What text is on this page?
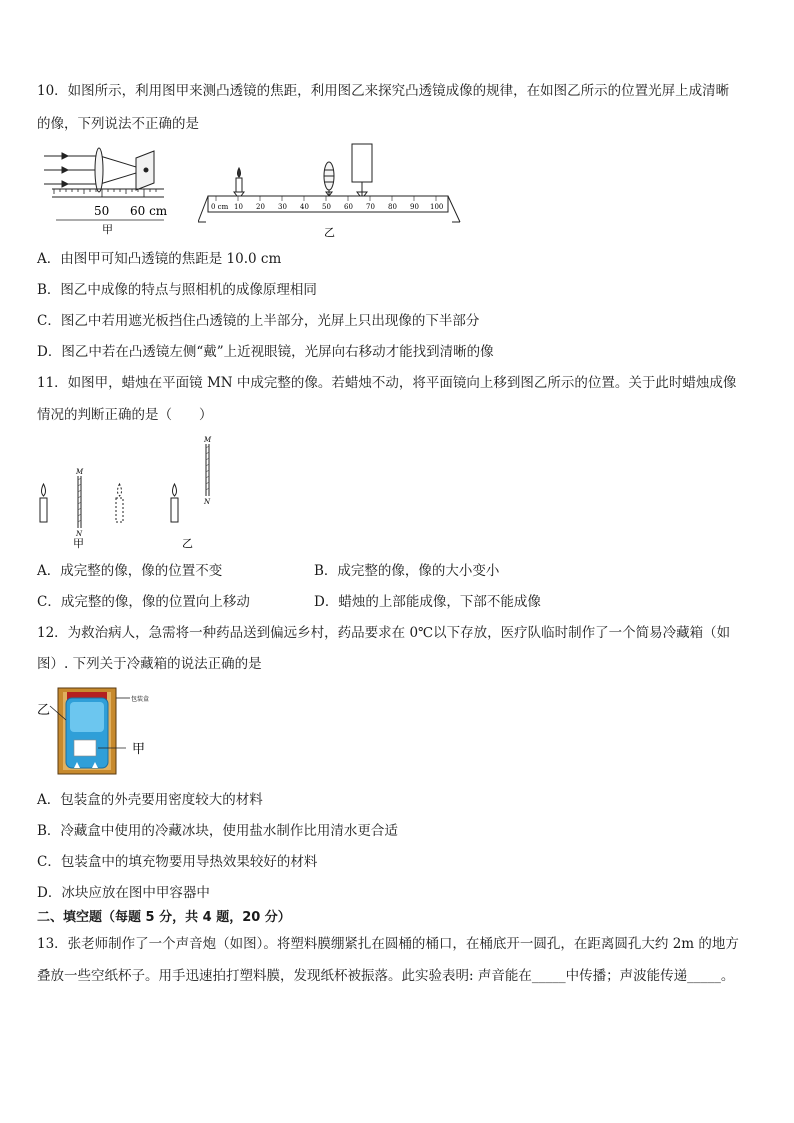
10．如图所示，利用图甲来测凸透镜的焦距，利用图乙来探究凸透镜成像的规律，在如图乙所示的位置光屏上成清晰
的像，下列说法不正确的是
50 60 cm
甲
0 cm 10 20 30 40 50 60 70 80 90 100
乙
A．由图甲可知凸透镜的焦距是 10.0 cm
B．图乙中成像的特点与照相机的成像原理相同
C．图乙中若用遮光板挡住凸透镜的上半部分，光屏上只出现像的下半部分
D．图乙中若在凸透镜左侧“戴”上近视眼镜，光屏向右移动才能找到清晰的像
11．如图甲，蜡烛在平面镜 MN 中成完整的像。若蜡烛不动，将平面镜向上移到图乙所示的位置。关于此时蜡烛成像
情况的判断正确的是（　　）
M
N
M
N
甲	乙
A．成完整的像，像的位置不变	B．成完整的像，像的大小变小
C．成完整的像，像的位置向上移动	D．蜡烛的上部能成像，下部不能成像
12．为救治病人，急需将一种药品送到偏远乡村，药品要求在 0℃以下存放，医疗队临时制作了一个简易冷藏箱（如
图）. 下列关于冷藏箱的说法正确的是
乙
包装盒
甲
A．包装盒的外壳要用密度较大的材料
B．冷藏盒中使用的冷藏冰块，使用盐水制作比用清水更合适
C．包装盒中的填充物要用导热效果较好的材料
D．冰块应放在图中甲容器中
二、填空题（每题 5 分，共 4 题，20 分）
13．张老师制作了一个声音炮（如图）。将塑料膜绷紧扎在圆桶的桶口，在桶底开一圆孔，在距离圆孔大约 2m 的地方
叠放一些空纸杯子。用手迅速拍打塑料膜，发现纸杯被振落。此实验表明: 声音能在_____中传播；声波能传递_____。
